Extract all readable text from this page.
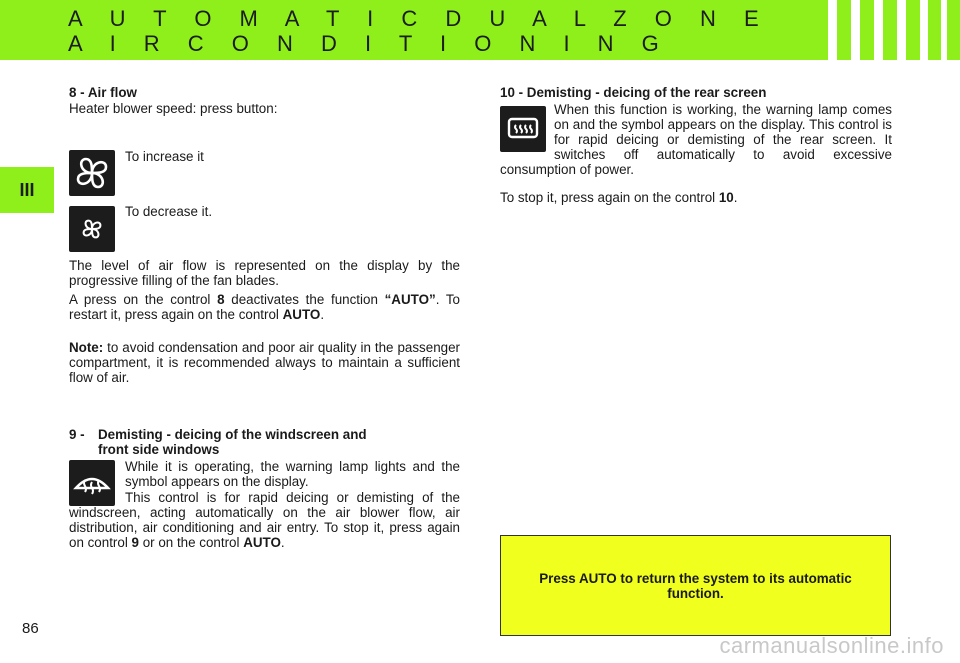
A U T O M A T I C D U A L Z O N E
A I R C O N D I T I O N I N G
III
86
8 - Air flow
Heater blower speed: press button:
To increase it
To decrease it.
The level of air flow is represented on the display by the progressive filling of the fan blades.
A press on the control 8 deactivates the function “AUTO”. To restart it, press again on the control AUTO.
Note: to avoid condensation and poor air quality in the passenger compartment, it is recommended always to maintain a sufficient flow of air.
9 - Demisting - deicing of the windscreen and
front side windows
While it is operating, the warning lamp lights and the symbol appears on the display.
This control is for rapid deicing or demisting of the windscreen, acting automatically on the air blower flow, air distribution, air conditioning and air entry. To stop it, press again on control 9 or on the control AUTO.
10 - Demisting - deicing of the rear screen
When this function is working, the warning lamp comes on and the symbol appears on the display. This control is for rapid deicing or demisting of the rear screen. It switches off automatically to avoid excessive consumption of power.
To stop it, press again on the control 10.
Press AUTO to return the system to its automatic function.
carmanualsonline.info
